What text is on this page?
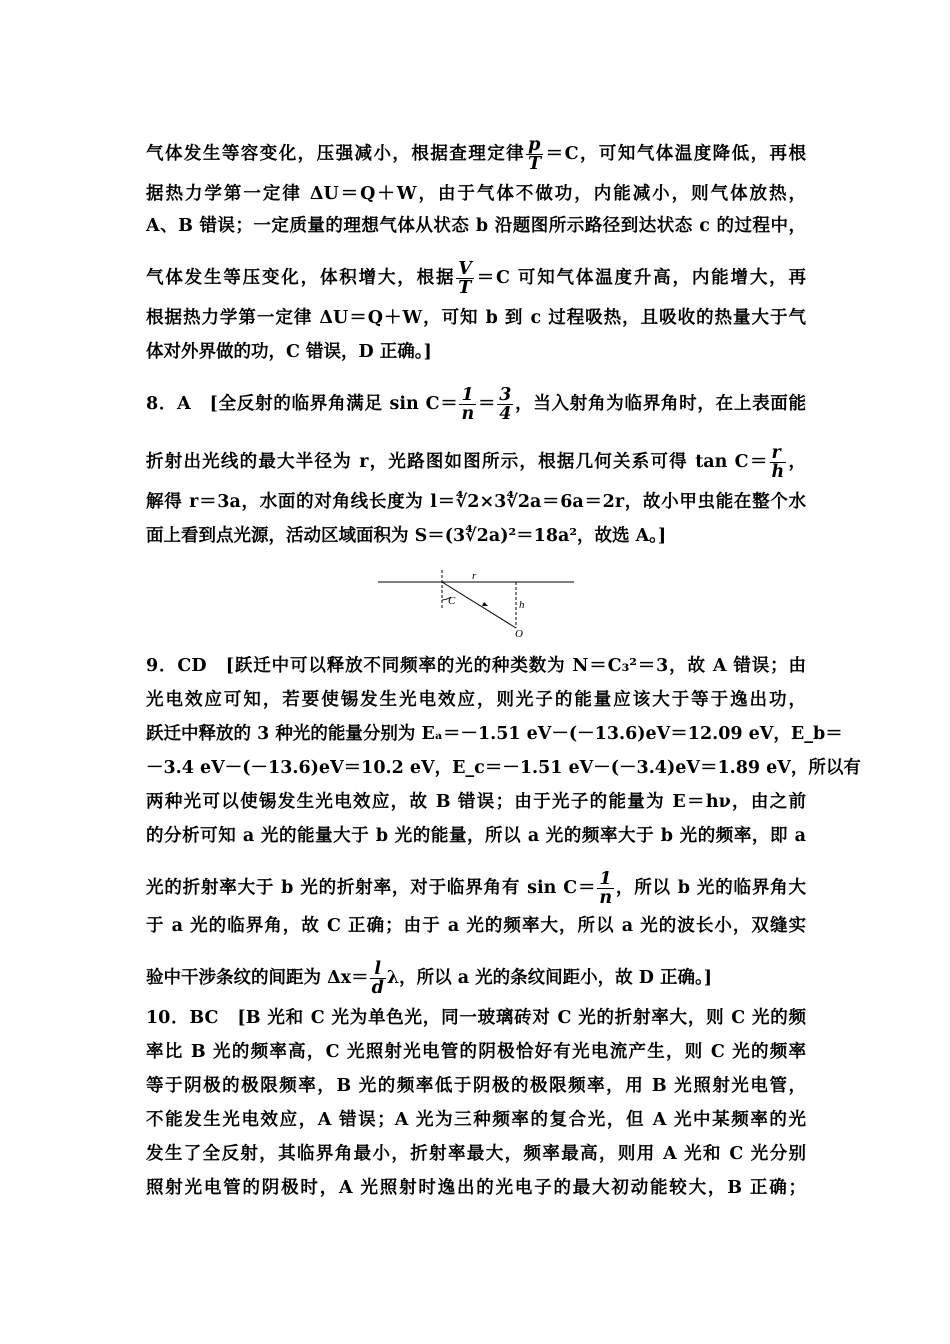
气体发生等容变化，压强减小，根据查理定律 $\frac{p}{T} =C$，可知气体温度降低，再根
据热力学第一定律 ΔU＝Q＋W，由于气体不做功，内能减小，则气体放热，
A、B 错误；一定质量的理想气体从状态 b 沿题图所示路径到达状态 c 的过程中，
气体发生等压变化，体积增大，根据 $\frac{V}{T} =C$ 可知气体温度升高，内能增大，再
根据热力学第一定律 ΔU＝Q＋W，可知 b 到 c 过程吸热，且吸收的热量大于气
体对外界做的功，C 错误，D 正确。]
8．A　[全反射的临界角满足 $\sin C= \frac{1}{n} = \frac{3}{4}$ ，当入射角为临界角时，在上表面能
折射出光线的最大半径为 r，光路图如图所示，根据几何关系可得 $\tan C= \frac{r}{h}$ ，
解得 r＝3a，水面的对角线长度为 l＝∜2×3∜2a＝6a＝2r，故小甲虫能在整个水
面上看到点光源，活动区域面积为 S＝(3∜2a)²＝18a²，故选 A。]
r
C	h
O
9．CD　[跃迁中可以释放不同频率的光的种类数为 N＝C₃²＝3，故 A 错误；由
光电效应可知，若要使锡发生光电效应，则光子的能量应该大于等于逸出功，
跃迁中释放的 3 种光的能量分别为 Eₐ＝－1.51 eV－(－13.6)eV＝12.09 eV，E_b＝
－3.4 eV－(－13.6)eV＝10.2 eV，E_c＝－1.51 eV－(－3.4)eV＝1.89 eV，所以有
两种光可以使锡发生光电效应，故 B 错误；由于光子的能量为 E＝hν，由之前
的分析可知 a 光的能量大于 b 光的能量，所以 a 光的频率大于 b 光的频率，即 a
光的折射率大于 b 光的折射率，对于临界角有 $\sin C= \frac{1}{n}$ ，所以 b 光的临界角大
于 a 光的临界角，故 C 正确；由于 a 光的频率大，所以 a 光的波长小，双缝实
验中干涉条纹的间距为 $\Delta x= \frac{l}{d}$ λ，所以 a 光的条纹间距小，故 D 正确。]
10．BC　[B 光和 C 光为单色光，同一玻璃砖对 C 光的折射率大，则 C 光的频
率比 B 光的频率高，C 光照射光电管的阴极恰好有光电流产生，则 C 光的频率
等于阴极的极限频率，B 光的频率低于阴极的极限频率，用 B 光照射光电管，
不能发生光电效应，A 错误；A 光为三种频率的复合光，但 A 光中某频率的光
发生了全反射，其临界角最小，折射率最大，频率最高，则用 A 光和 C 光分别
照射光电管的阴极时，A 光照射时逸出的光电子的最大初动能较大，B 正确；
